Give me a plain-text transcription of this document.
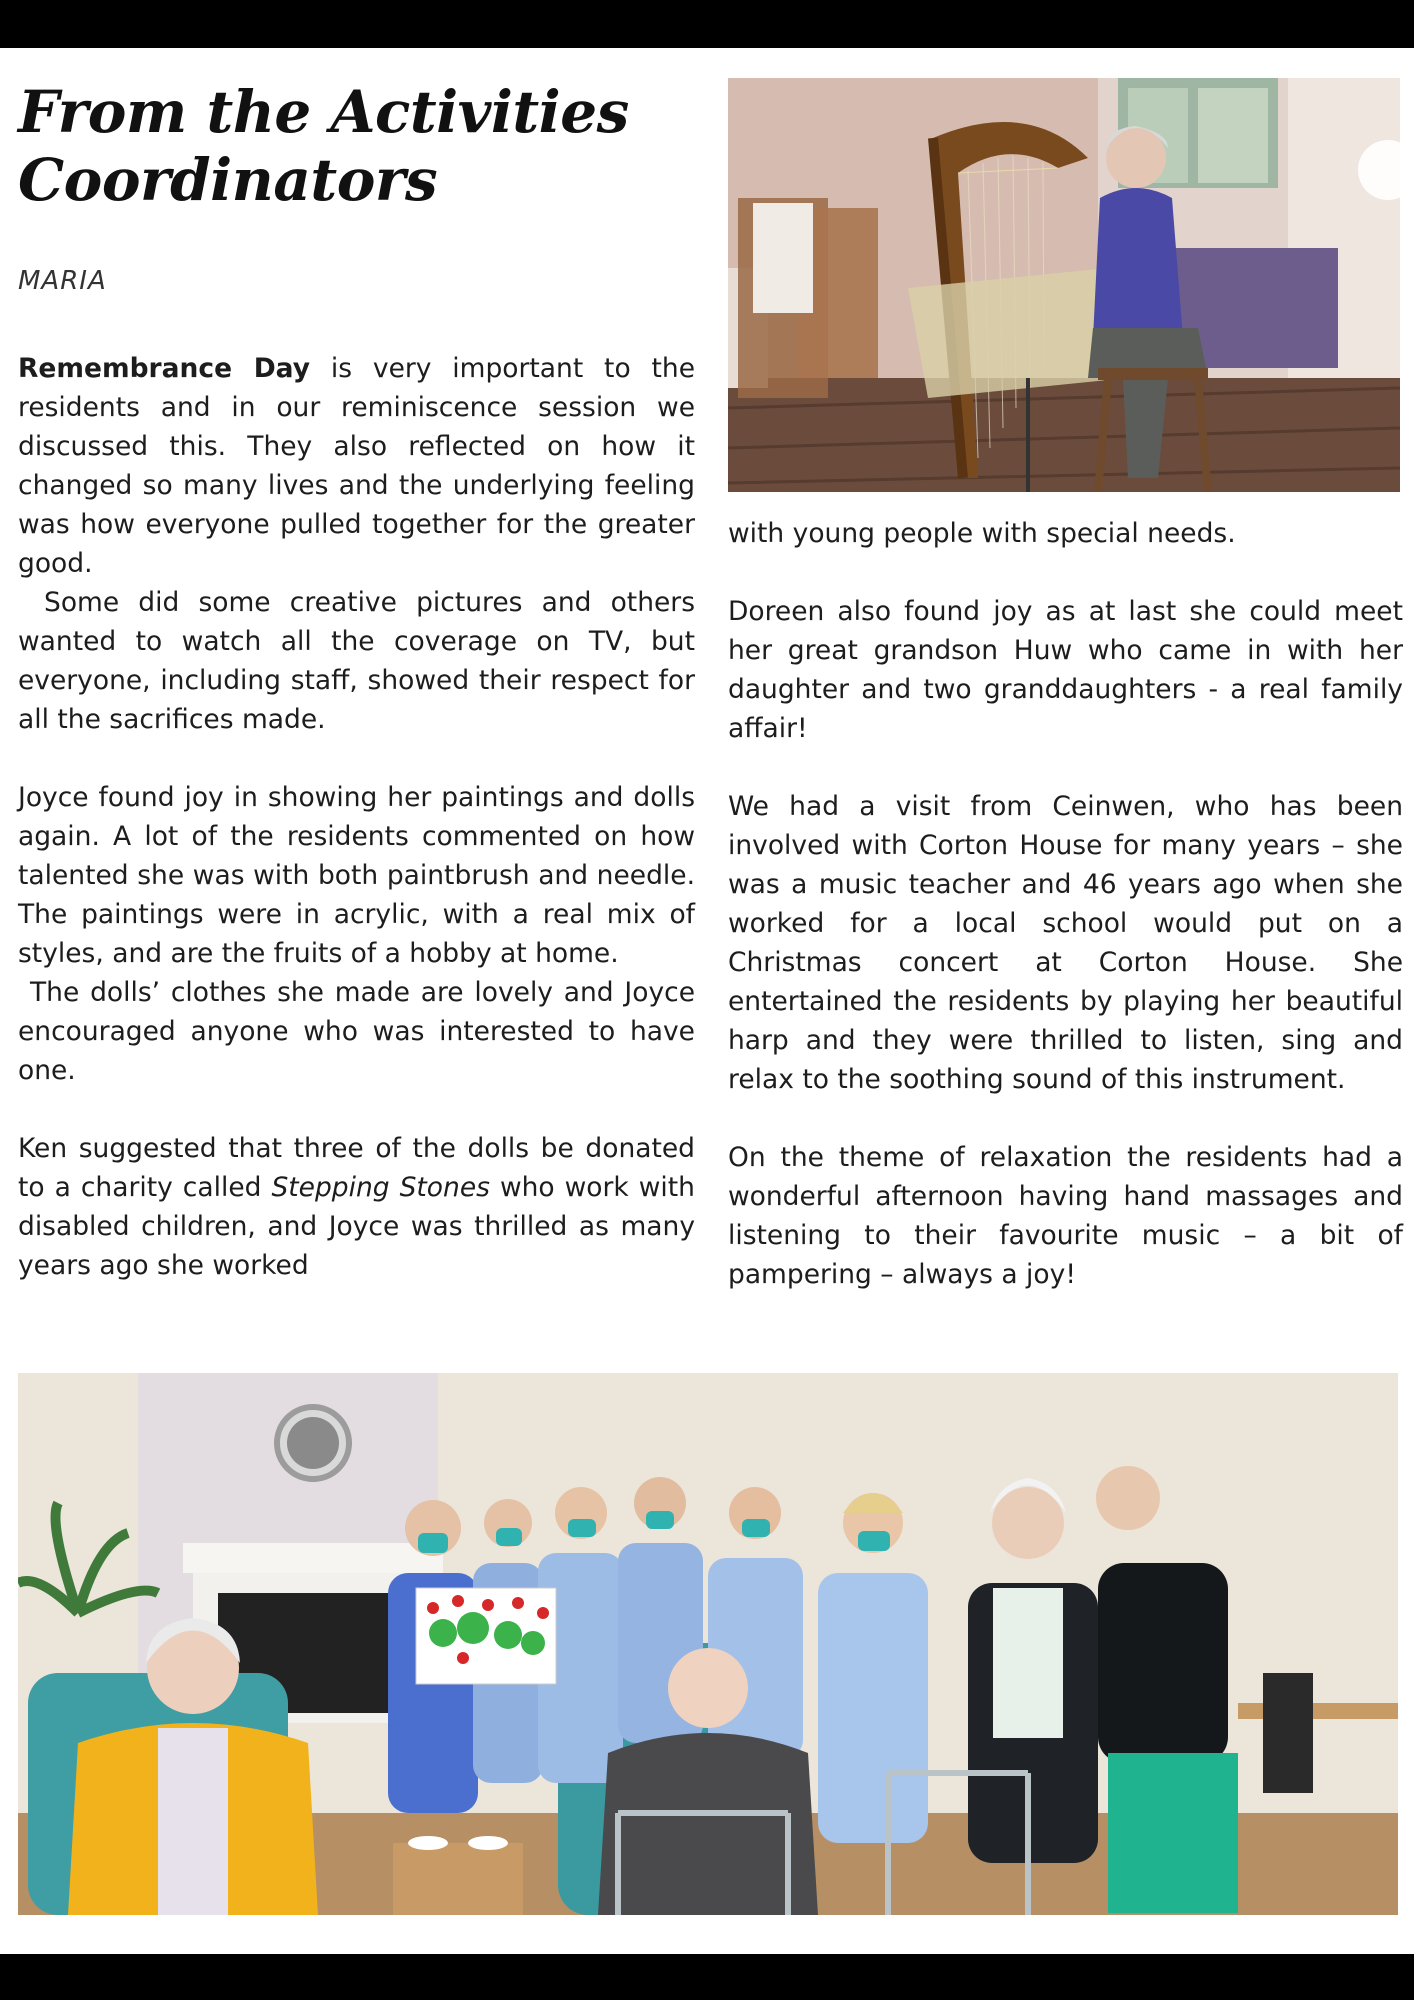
From the Activities Coordinators

MARIA

Remembrance Day is very important to the residents and in our reminiscence session we discussed this. They also reflected on how it changed so many lives and the underlying feeling was how everyone pulled together for the greater good.

Some did some creative pictures and others wanted to watch all the coverage on TV, but everyone, including staff, showed their respect for all the sacrifices made.

Joyce found joy in showing her paintings and dolls again. A lot of the residents commented on how talented she was with both paintbrush and needle. The paintings were in acrylic, with a real mix of styles, and are the fruits of a hobby at home.

The dolls’ clothes she made are lovely and Joyce encouraged anyone who was interested to have one.

Ken suggested that three of the dolls be donated to a charity called Stepping Stones who work with disabled children, and Joyce was thrilled as many years ago she worked

with young people with special needs.

Doreen also found joy as at last she could meet her great grandson Huw who came in with her daughter and two granddaughters - a real family affair!

We had a visit from Ceinwen, who has been involved with Corton House for many years – she was a music teacher and 46 years ago when she worked for a local school would put on a Christmas concert at Corton House. She entertained the residents by playing her beautiful harp and they were thrilled to listen, sing and relax to the soothing sound of this instrument.

On the theme of relaxation the residents had a wonderful afternoon having hand massages and listening to their favourite music – a bit of pampering – always a joy!
